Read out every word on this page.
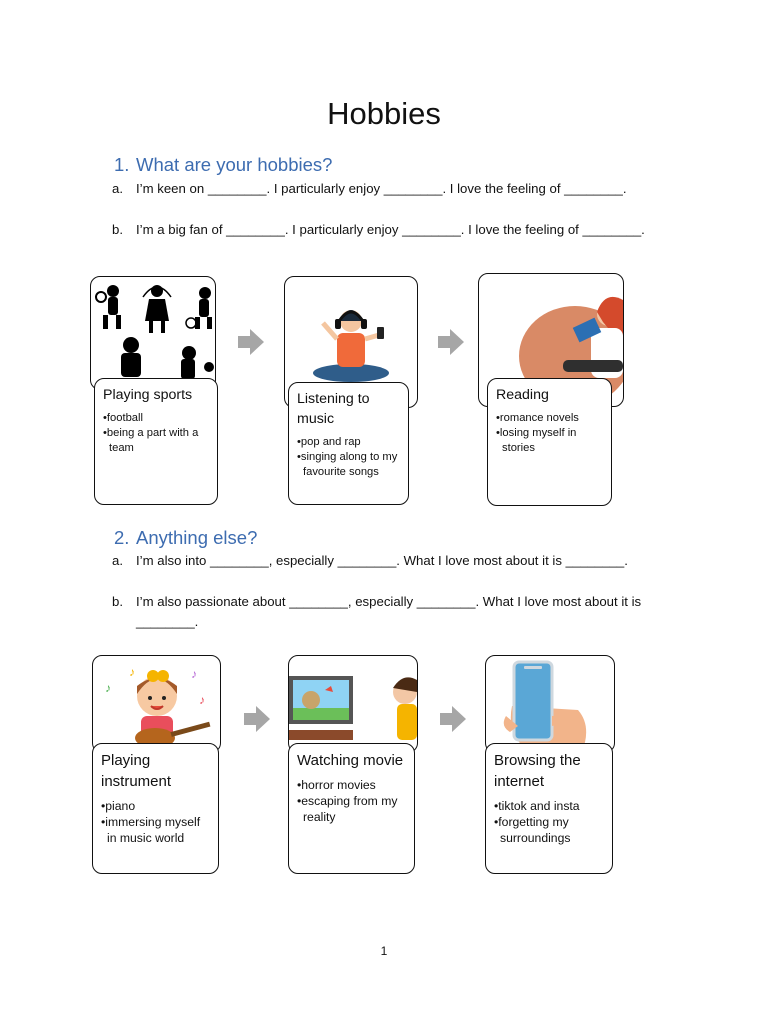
Hobbies
1. What are your hobbies?
a. I’m keen on ________. I particularly enjoy ________. I love the feeling of ________.
b. I’m a big fan of ________. I particularly enjoy ________. I love the feeling of ________.
Playing sports
• football
• being a part with a team
Listening to music
• pop and rap
• singing along to my favourite songs
Reading
• romance novels
• losing myself in stories
2. Anything else?
a. I’m also into ________, especially ________. What I love most about it is ________.
b. I’m also passionate about ________, especially ________. What I love most about it is
________.
♪	♪
♪
♪
Playing instrument
• piano
• immersing myself in music world
Watching movie
• horror movies
• escaping from my reality
Browsing the internet
• tiktok and insta
• forgetting my surroundings
1
